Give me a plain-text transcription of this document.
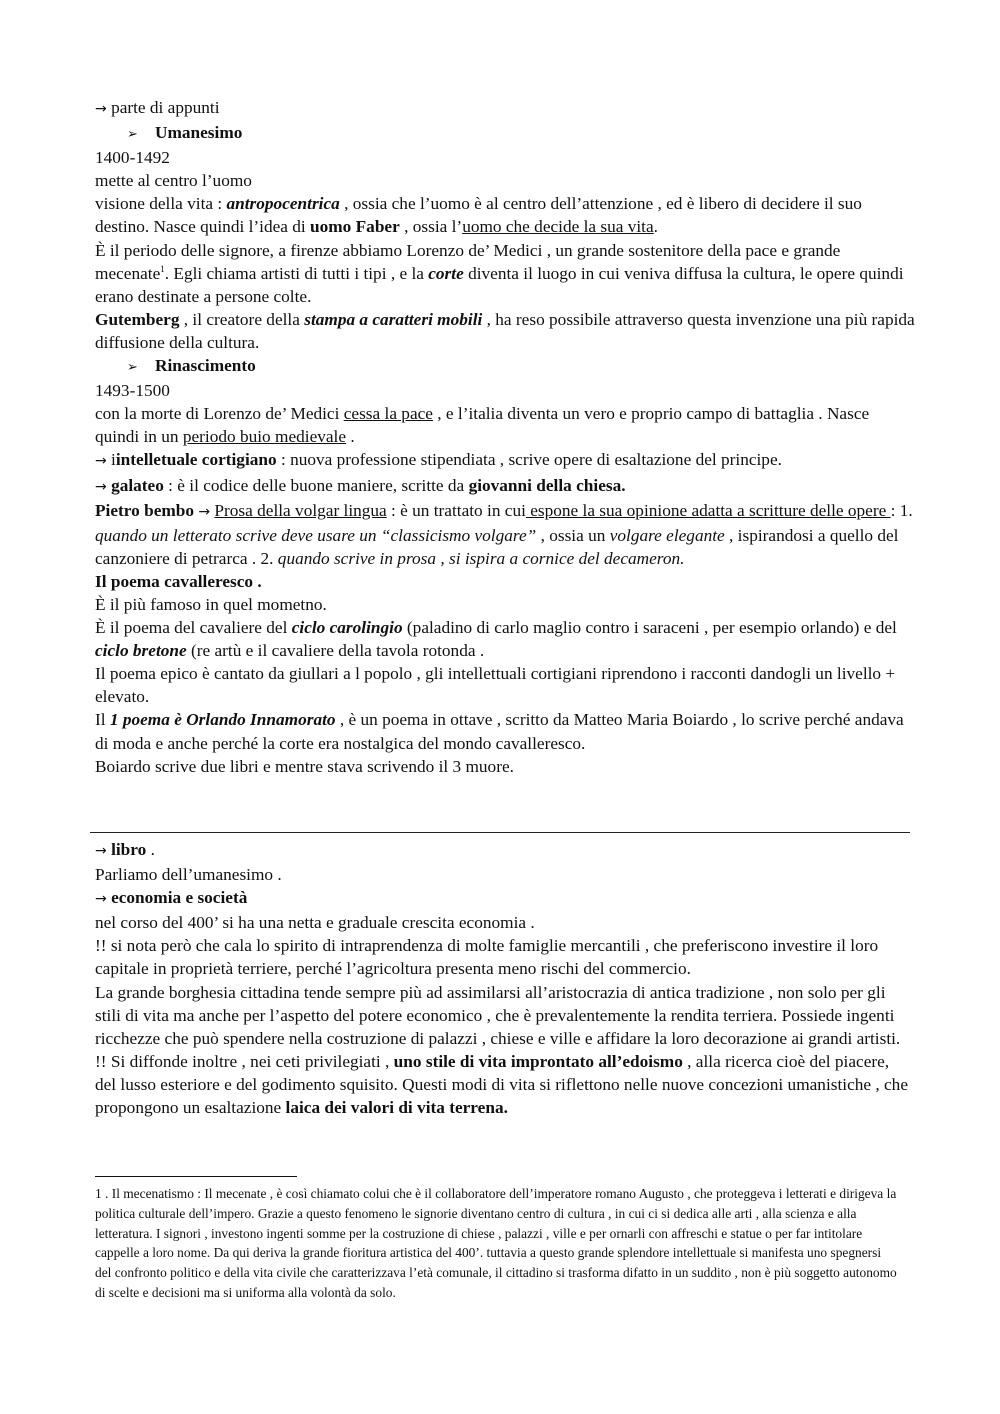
→ parte di appunti

➢ Umanesimo

1400-1492

mette al centro l’uomo

visione della vita : antropocentrica , ossia che l’uomo è al centro dell’attenzione , ed è libero di decidere il suo destino. Nasce quindi l’idea di uomo Faber , ossia l’uomo che decide la sua vita.

È il periodo delle signore, a firenze abbiamo Lorenzo de’ Medici , un grande sostenitore della pace e grande mecenate$^1$. Egli chiama artisti di tutti i tipi , e la corte diventa il luogo in cui veniva diffusa la cultura, le opere quindi erano destinate a persone colte.

Gutemberg , il creatore della stampa a caratteri mobili , ha reso possibile attraverso questa invenzione una più rapida diffusione della cultura.

➢ Rinascimento

1493-1500

con la morte di Lorenzo de’ Medici cessa la pace , e l’italia diventa un vero e proprio campo di battaglia . Nasce quindi in un periodo buio medievale .

→ iintelletuale cortigiano : nuova professione stipendiata , scrive opere di esaltazione del principe.

→ galateo : è il codice delle buone maniere, scritte da giovanni della chiesa.

Pietro bembo → Prosa della volgar lingua : è un trattato in cui espone la sua opinione adatta a scritture delle opere : 1. quando un letterato scrive deve usare un “classicismo volgare” , ossia un volgare elegante , ispirandosi a quello del canzoniere di petrarca . 2. quando scrive in prosa , si ispira a cornice del decameron.

Il poema cavalleresco .

È il più famoso in quel mometno.

È il poema del cavaliere del ciclo carolingio (paladino di carlo maglio contro i saraceni , per esempio orlando) e del ciclo bretone (re artù e il cavaliere della tavola rotonda .

Il poema epico è cantato da giullari a l popolo , gli intellettuali cortigiani riprendono i racconti dandogli un livello + elevato.

Il 1 poema è Orlando Innamorato , è un poema in ottave , scritto da Matteo Maria Boiardo , lo scrive perché andava di moda e anche perché la corte era nostalgica del mondo cavalleresco.

Boiardo scrive due libri e mentre stava scrivendo il 3 muore.

→ libro .

Parliamo dell’umanesimo .

→ economia e società

nel corso del 400’ si ha una netta e graduale crescita economia .

!! si nota però che cala lo spirito di intraprendenza di molte famiglie mercantili , che preferiscono investire il loro capitale in proprietà terriere, perché l’agricoltura presenta meno rischi del commercio.

La grande borghesia cittadina tende sempre più ad assimilarsi all’aristocrazia di antica tradizione , non solo per gli stili di vita ma anche per l’aspetto del potere economico , che è prevalentemente la rendita terriera. Possiede ingenti ricchezze che può spendere nella costruzione di palazzi , chiese e ville e affidare la loro decorazione ai grandi artisti.

!! Si diffonde inoltre , nei ceti privilegiati , uno stile di vita improntato all’edoismo , alla ricerca cioè del piacere, del lusso esteriore e del godimento squisito. Questi modi di vita si riflettono nelle nuove concezioni umanistiche , che propongono un esaltazione laica dei valori di vita terrena.

1 . Il mecenatismo : Il mecenate , è così chiamato colui che è il collaboratore dell’imperatore romano Augusto , che proteggeva i letterati e dirigeva la politica culturale dell’impero. Grazie a questo fenomeno le signorie diventano centro di cultura , in cui ci si dedica alle arti , alla scienza e alla letteratura. I signori , investono ingenti somme per la costruzione di chiese , palazzi , ville e per ornarli con affreschi e statue o per far intitolare cappelle a loro nome. Da qui deriva la grande fioritura artistica del 400’. tuttavia a questo grande splendore intellettuale si manifesta uno spegnersi del confronto politico e della vita civile che caratterizzava l’età comunale, il cittadino si trasforma difatto in un suddito , non è più soggetto autonomo di scelte e decisioni ma si uniforma alla volontà da solo.
